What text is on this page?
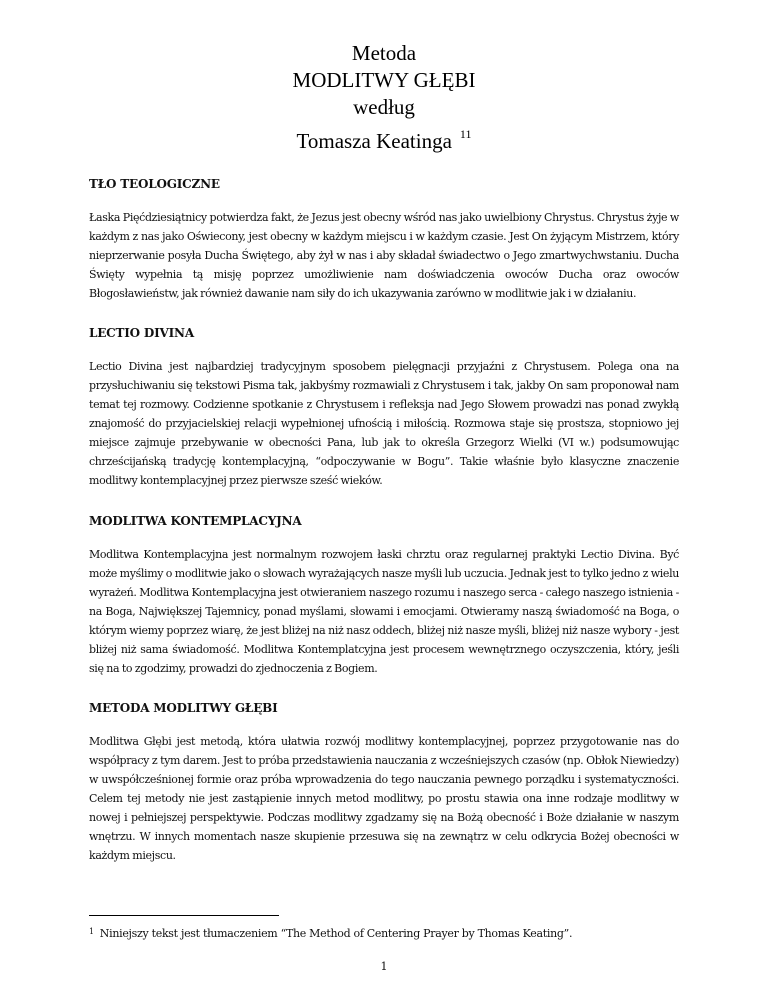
Metoda
MODLITWY GŁĘBI
według
Tomasza Keatinga $^{11}$
TŁO TEOLOGICZNE

Łaska Pięćdziesiątnicy potwierdza fakt, że Jezus jest obecny wśród nas jako uwielbiony Chrystus. Chrystus żyje w każdym z nas jako Oświecony, jest obecny w każdym miejscu i w każdym czasie. Jest On żyjącym Mistrzem, który nieprzerwanie posyła Ducha Świętego, aby żył w nas i aby składał świadectwo o Jego zmartwychwstaniu. Ducha Święty wypełnia tą misję poprzez umożliwienie nam doświadczenia owoców Ducha oraz owoców Błogosławieństw, jak również dawanie nam siły do ich ukazywania zarówno w modlitwie jak i w działaniu.

LECTIO DIVINA

Lectio Divina jest najbardziej tradycyjnym sposobem pielęgnacji przyjaźni z Chrystusem. Polega ona na przysłuchiwaniu się tekstowi Pisma tak, jakbyśmy rozmawiali z Chrystusem i tak, jakby On sam proponował nam temat tej rozmowy. Codzienne spotkanie z Chrystusem i refleksja nad Jego Słowem prowadzi nas ponad zwykłą znajomość do przyjacielskiej relacji wypełnionej ufnością i miłością. Rozmowa staje się prostsza, stopniowo jej miejsce zajmuje przebywanie w obecności Pana, lub jak to określa Grzegorz Wielki (VI w.) podsumowując chrześcijańską tradycję kontemplacyjną, “odpoczywanie w Bogu”. Takie właśnie było klasyczne znaczenie modlitwy kontemplacyjnej przez pierwsze sześć wieków.

MODLITWA KONTEMPLACYJNA

Modlitwa Kontemplacyjna jest normalnym rozwojem łaski chrztu oraz regularnej praktyki Lectio Divina. Być może myślimy o modlitwie jako o słowach wyrażających nasze myśli lub uczucia. Jednak jest to tylko jedno z wielu wyrażeń. Modlitwa Kontemplacyjna jest otwieraniem naszego rozumu i naszego serca - całego naszego istnienia - na Boga, Największej Tajemnicy, ponad myślami, słowami i emocjami. Otwieramy naszą świadomość na Boga, o którym wiemy poprzez wiarę, że jest bliżej na niż nasz oddech, bliżej niż nasze myśli, bliżej niż nasze wybory - jest bliżej niż sama świadomość. Modlitwa Kontemplatcyjna jest procesem wewnętrznego oczyszczenia, który, jeśli się na to zgodzimy, prowadzi do zjednoczenia z Bogiem.

METODA MODLITWY GŁĘBI

Modlitwa Głębi jest metodą, która ułatwia rozwój modlitwy kontemplacyjnej, poprzez przygotowanie nas do współpracy z tym darem. Jest to próba przedstawienia nauczania z wcześniejszych czasów (np. Obłok Niewiedzy) w uwspółcześnionej formie oraz próba wprowadzenia do tego nauczania pewnego porządku i systematyczności. Celem tej metody nie jest zastąpienie innych metod modlitwy, po prostu stawia ona inne rodzaje modlitwy w nowej i pełniejszej perspektywie. Podczas modlitwy zgadzamy się na Bożą obecność i Boże działanie w naszym wnętrzu. W innych momentach nasze skupienie przesuwa się na zewnątrz w celu odkrycia Bożej obecności w każdym miejscu.

$^1$ Niniejszy tekst jest tłumaczeniem “The Method of Centering Prayer by Thomas Keating”.
1
